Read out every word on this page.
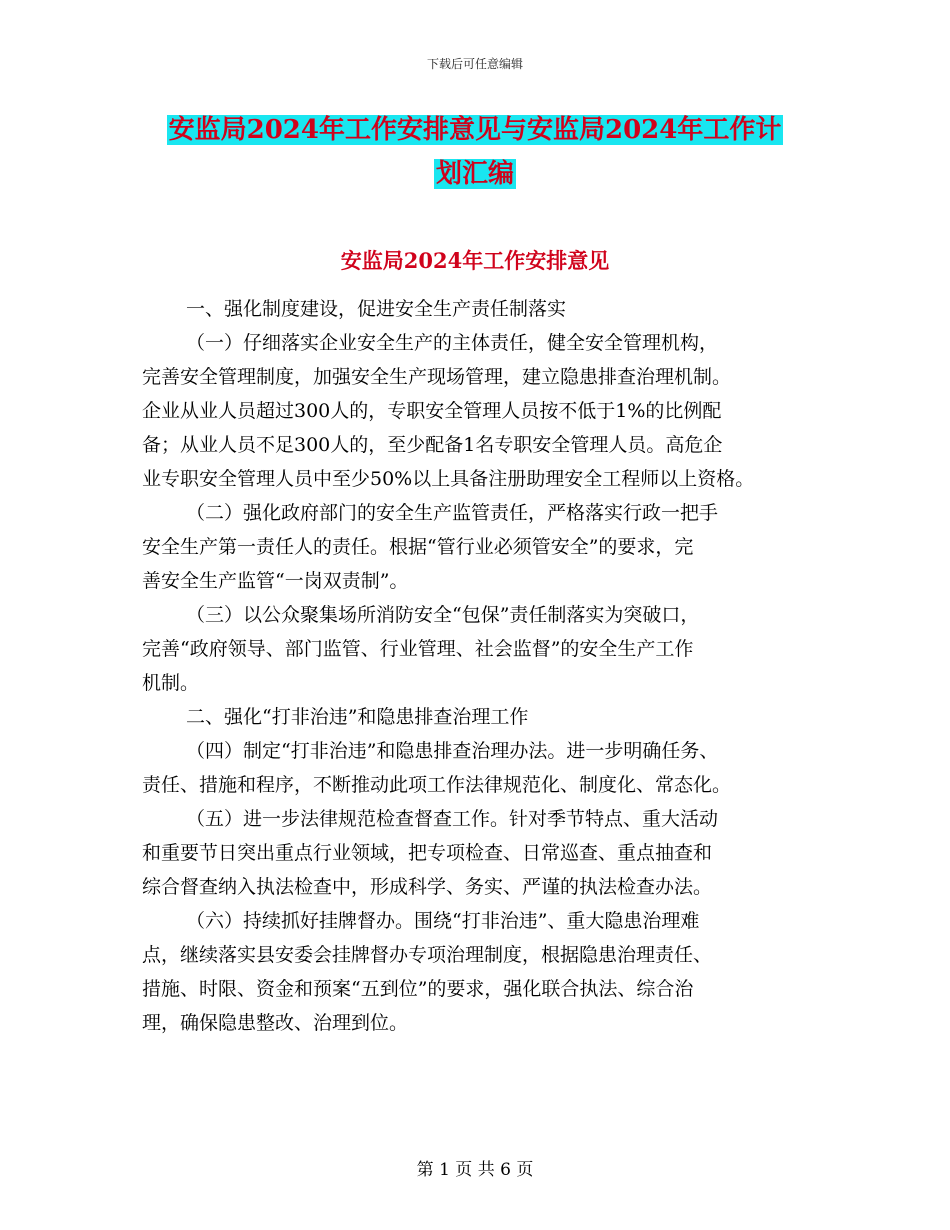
下载后可任意编辑
安监局2024年工作安排意见与安监局2024年工作计
划汇编
安监局2024年工作安排意见
一、强化制度建设，促进安全生产责任制落实
（一）仔细落实企业安全生产的主体责任，健全安全管理机构，
完善安全管理制度，加强安全生产现场管理，建立隐患排查治理机制。
企业从业人员超过300人的，专职安全管理人员按不低于1%的比例配
备；从业人员不足300人的，至少配备1名专职安全管理人员。高危企
业专职安全管理人员中至少50%以上具备注册助理安全工程师以上资格。
（二）强化政府部门的安全生产监管责任，严格落实行政一把手
安全生产第一责任人的责任。根据“管行业必须管安全”的要求，完
善安全生产监管“一岗双责制”。
（三）以公众聚集场所消防安全“包保”责任制落实为突破口，
完善“政府领导、部门监管、行业管理、社会监督”的安全生产工作
机制。
二、强化“打非治违”和隐患排查治理工作
（四）制定“打非治违”和隐患排查治理办法。进一步明确任务、
责任、措施和程序，不断推动此项工作法律规范化、制度化、常态化。
（五）进一步法律规范检查督查工作。针对季节特点、重大活动
和重要节日突出重点行业领域，把专项检查、日常巡查、重点抽查和
综合督查纳入执法检查中，形成科学、务实、严谨的执法检查办法。
（六）持续抓好挂牌督办。围绕“打非治违”、重大隐患治理难
点，继续落实县安委会挂牌督办专项治理制度，根据隐患治理责任、
措施、时限、资金和预案“五到位”的要求，强化联合执法、综合治
理，确保隐患整改、治理到位。
第 1 页 共 6 页
